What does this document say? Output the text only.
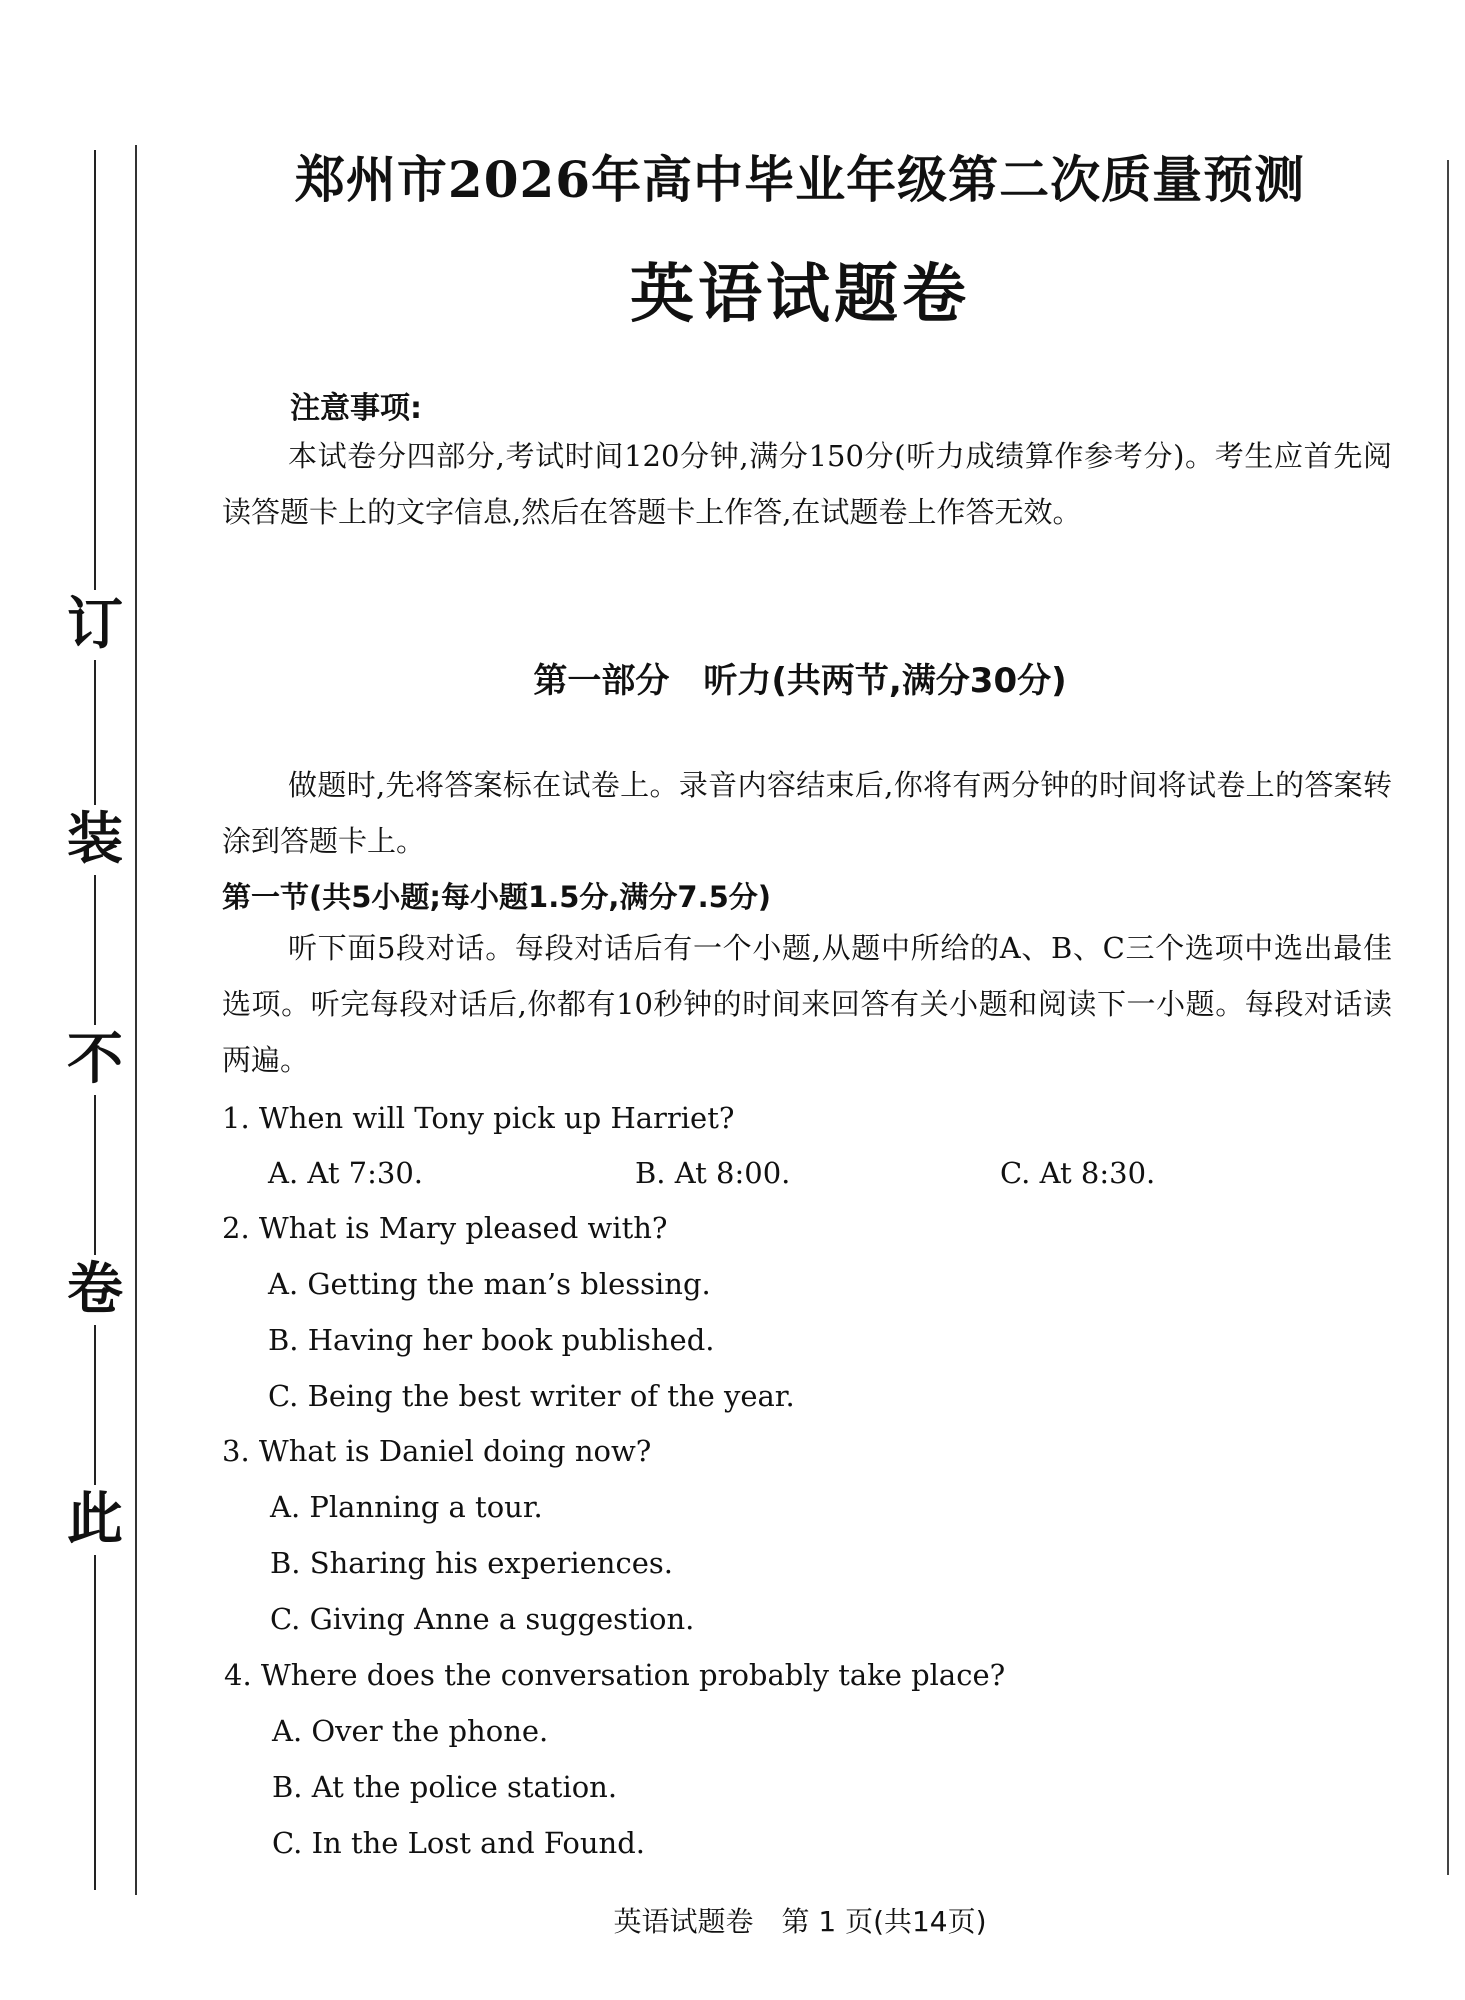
订
装
不
卷
此
郑州市2026年高中毕业年级第二次质量预测
英语试题卷
注意事项:
本试卷分四部分,考试时间120分钟,满分150分(听力成绩算作参考分)。考生应首先阅读答题卡上的文字信息,然后在答题卡上作答,在试题卷上作答无效。
第一部分　听力(共两节,满分30分)
做题时,先将答案标在试卷上。录音内容结束后,你将有两分钟的时间将试卷上的答案转涂到答题卡上。
第一节(共5小题;每小题1.5分,满分7.5分)
听下面5段对话。每段对话后有一个小题,从题中所给的A、B、C三个选项中选出最佳选项。听完每段对话后,你都有10秒钟的时间来回答有关小题和阅读下一小题。每段对话读两遍。
1. When will Tony pick up Harriet?
A. At 7:30.	B. At 8:00.	C. At 8:30.
2. What is Mary pleased with?
A. Getting the man’s blessing.
B. Having her book published.
C. Being the best writer of the year.
3. What is Daniel doing now?
A. Planning a tour.
B. Sharing his experiences.
C. Giving Anne a suggestion.
4. Where does the conversation probably take place?
A. Over the phone.
B. At the police station.
C. In the Lost and Found.
英语试题卷　第 1 页(共14页)
